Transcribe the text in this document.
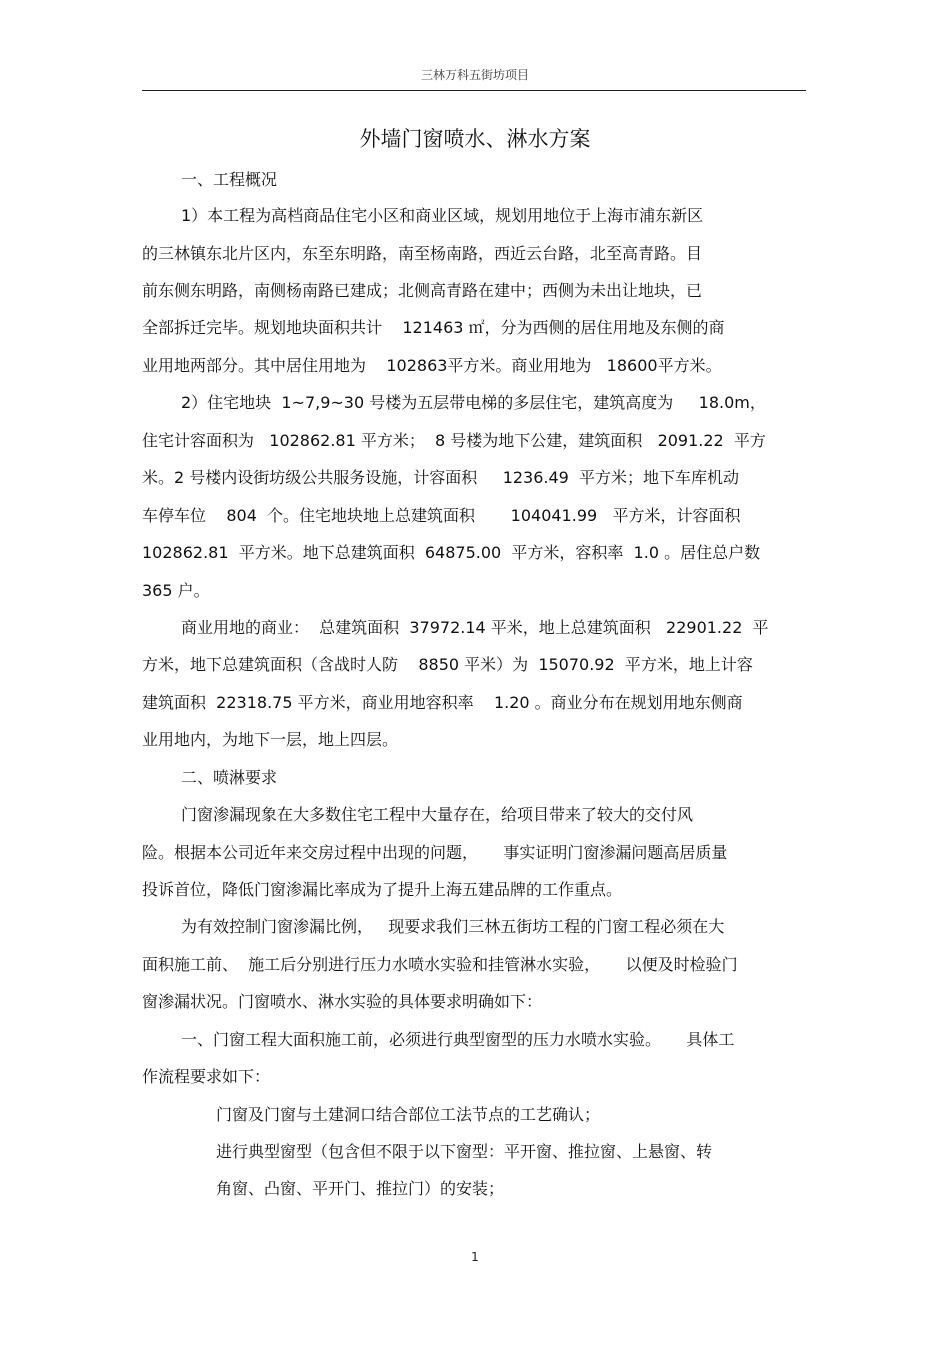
三林万科五街坊项目
外墙门窗喷水、淋水方案
一、工程概况
1）本工程为高档商品住宅小区和商业区域，规划用地位于上海市浦东新区
的三林镇东北片区内，东至东明路，南至杨南路，西近云台路，北至高青路。目
前东侧东明路，南侧杨南路已建成；北侧高青路在建中；西侧为未出让地块，已
全部拆迁完毕。规划地块面积共计    121463 ㎡，分为西侧的居住用地及东侧的商
业用地两部分。其中居住用地为    102863平方米。商业用地为   18600平方米。
2）住宅地块  1~7,9~30 号楼为五层带电梯的多层住宅，建筑高度为     18.0m，
住宅计容面积为   102862.81 平方米；  8 号楼为地下公建，建筑面积   2091.22  平方
米。2 号楼内设街坊级公共服务设施，计容面积     1236.49  平方米；地下车库机动
车停车位    804  个。住宅地块地上总建筑面积       104041.99   平方米，计容面积
102862.81  平方米。地下总建筑面积  64875.00  平方米，容积率  1.0 。居住总户数
365 户。
商业用地的商业：  总建筑面积  37972.14 平米，地上总建筑面积   22901.22  平
方米，地下总建筑面积（含战时人防    8850 平米）为  15070.92  平方米，地上计容
建筑面积  22318.75 平方米，商业用地容积率    1.20 。商业分布在规划用地东侧商
业用地内，为地下一层，地上四层。
二、喷淋要求
门窗渗漏现象在大多数住宅工程中大量存在，给项目带来了较大的交付风
险。根据本公司近年来交房过程中出现的问题，     事实证明门窗渗漏问题高居质量
投诉首位，降低门窗渗漏比率成为了提升上海五建品牌的工作重点。
为有效控制门窗渗漏比例，   现要求我们三林五街坊工程的门窗工程必须在大
面积施工前、  施工后分别进行压力水喷水实验和挂管淋水实验，     以便及时检验门
窗渗漏状况。门窗喷水、淋水实验的具体要求明确如下：
一、门窗工程大面积施工前，必须进行典型窗型的压力水喷水实验。     具体工
作流程要求如下：
门窗及门窗与土建洞口结合部位工法节点的工艺确认；
进行典型窗型（包含但不限于以下窗型：平开窗、推拉窗、上悬窗、转
角窗、凸窗、平开门、推拉门）的安装；
1
